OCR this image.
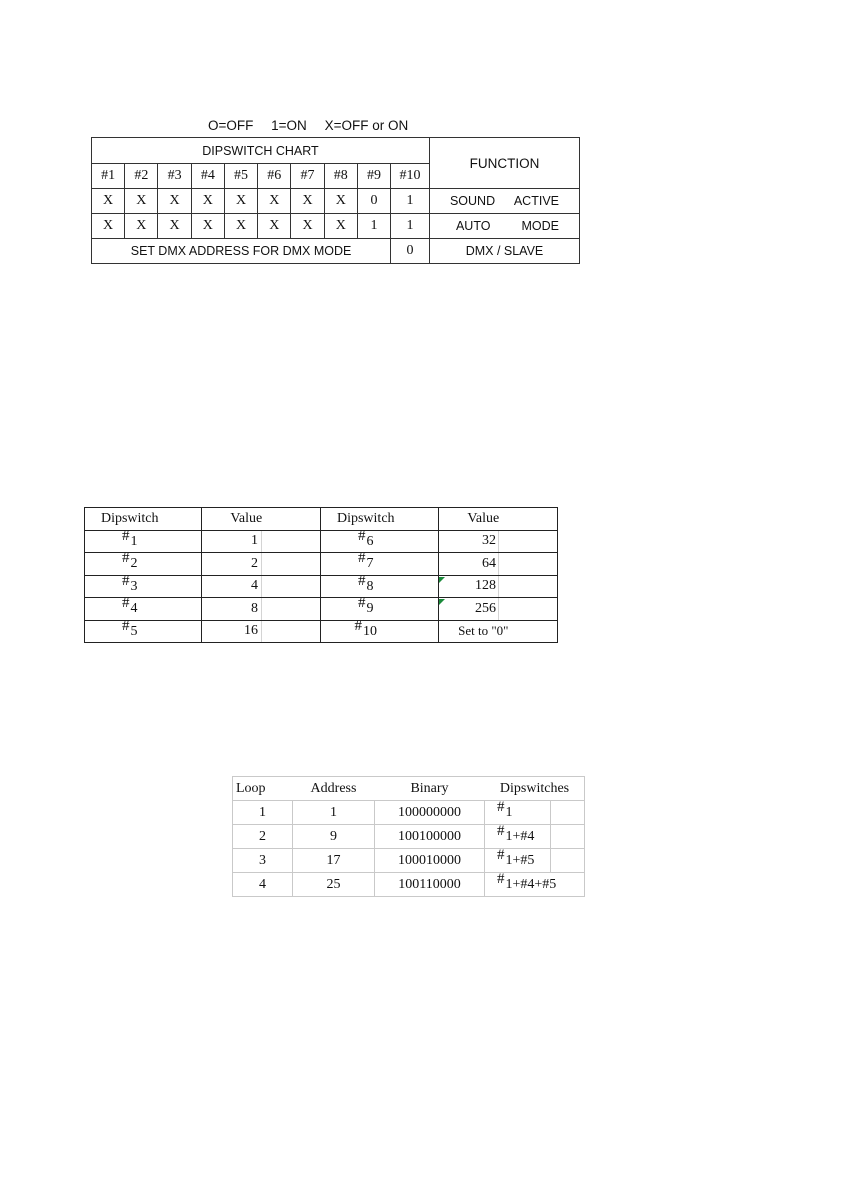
O=OFF 1=ON X=OFF or ON
DIPSWITCH CHART										FUNCTION
#1	#2	#3	#4	#5	#6	#7	#8	#9	#10	
X	X	X	X	X	X	X	X	0	1	SOUND ACTIVE

X	X	X	X	X	X	X	X	1	1	AUTO MODE

SET DMX ADDRESS FOR DMX MODE									0	DMX / SLAVE
Dipswitch		Value			Dipswitch		Value		
#1		1			#6		32		
#2		2			#7		64		
#3		4			#8		128		
#4		8			#9		256		
#5		16			#10		Set to "0"		
Loop	Address	Binary	Dipswitches	
1	1	100000000	#1	
2	9	100100000	#1+#4	
3	17	100010000	#1+#5	
4	25	100110000	#1+#4+#5	
